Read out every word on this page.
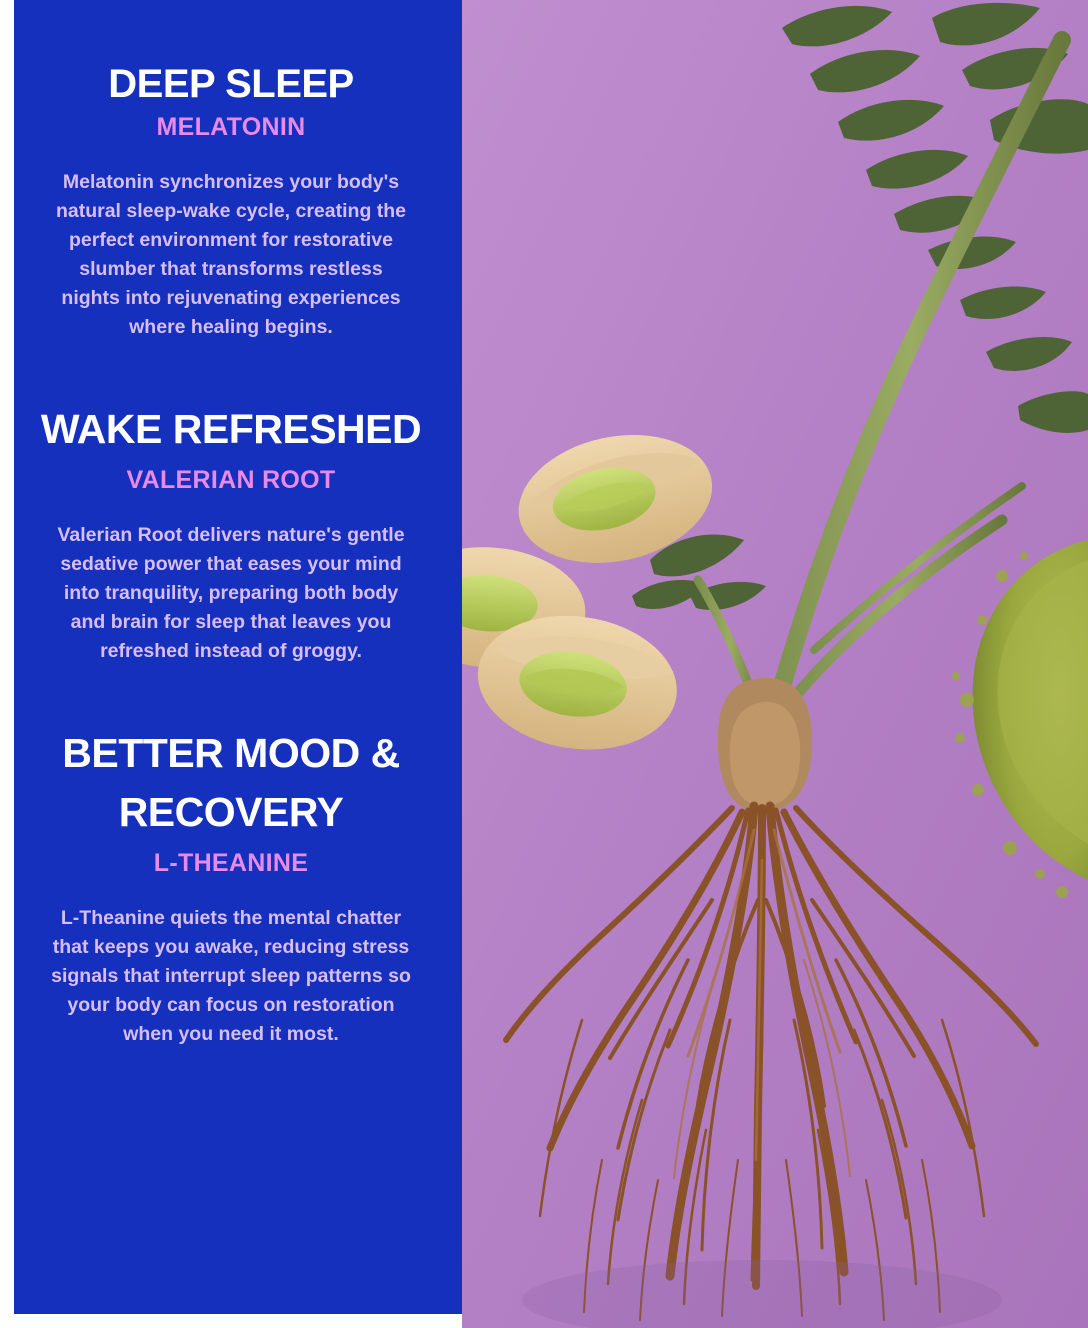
DEEP SLEEP
MELATONIN

Melatonin synchronizes your body's natural sleep-wake cycle, creating the perfect environment for restorative slumber that transforms restless nights into rejuvenating experiences where healing begins.

WAKE REFRESHED
VALERIAN ROOT

Valerian Root delivers nature's gentle sedative power that eases your mind into tranquility, preparing both body and brain for sleep that leaves you refreshed instead of groggy.

BETTER MOOD & RECOVERY
L-THEANINE

L-Theanine quiets the mental chatter that keeps you awake, reducing stress signals that interrupt sleep patterns so your body can focus on restoration when you need it most.
